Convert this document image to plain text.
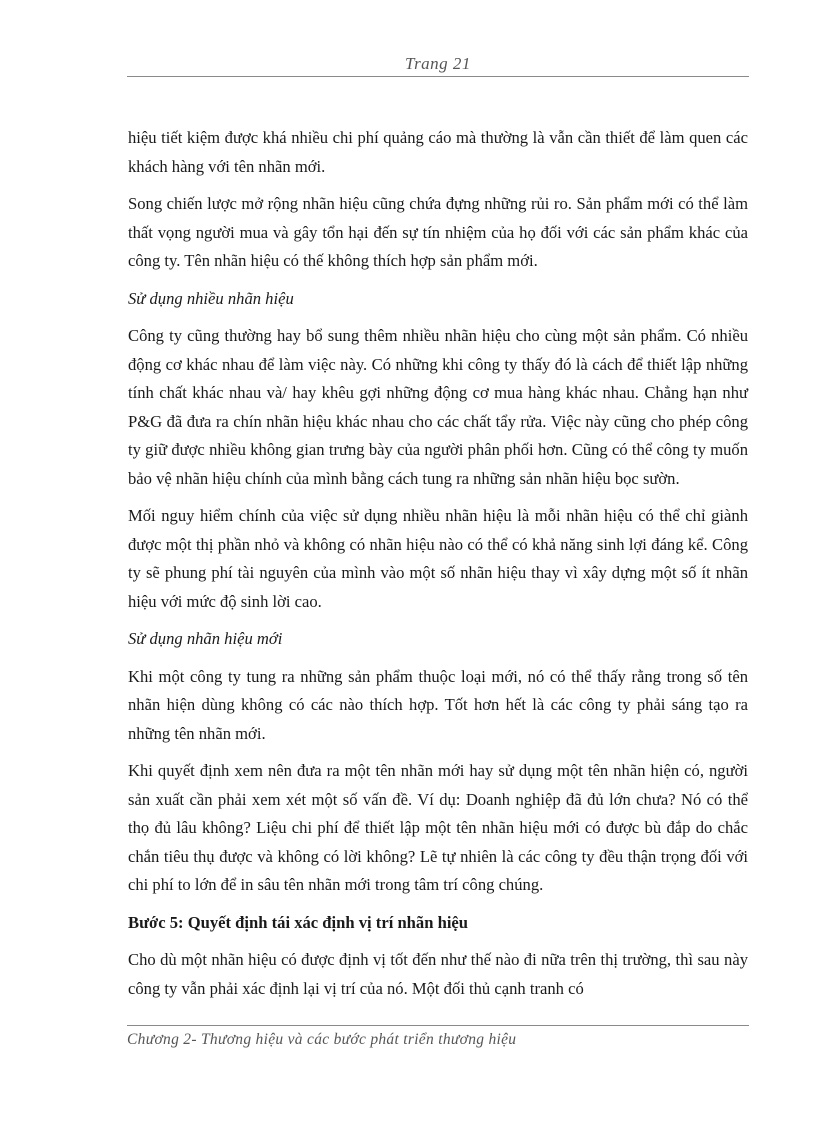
Trang 21

hiệu tiết kiệm được khá nhiều chi phí quảng cáo mà thường là vẫn cần thiết để làm quen các khách hàng với tên nhãn mới.

Song chiến lược mở rộng nhãn hiệu cũng chứa đựng những rủi ro. Sản phẩm mới có thể làm thất vọng người mua và gây tổn hại đến sự tín nhiệm của họ đối với các sản phẩm khác của công ty. Tên nhãn hiệu có thế không thích hợp sản phẩm mới.

Sử dụng nhiều nhãn hiệu

Công ty cũng thường hay bổ sung thêm nhiều nhãn hiệu cho cùng một sản phẩm. Có nhiều động cơ khác nhau để làm việc này. Có những khi công ty thấy đó là cách để thiết lập những tính chất khác nhau và/ hay khêu gợi những động cơ mua hàng khác nhau. Chẳng hạn như P&G đã đưa ra chín nhãn hiệu khác nhau cho các chất tẩy rửa. Việc này cũng cho phép công ty giữ được nhiều không gian trưng bày của người phân phối hơn. Cũng có thể công ty muốn bảo vệ nhãn hiệu chính của mình bằng cách tung ra những sản nhãn hiệu bọc sườn.

Mối nguy hiểm chính của việc sử dụng nhiều nhãn hiệu là mỗi nhãn hiệu có thể chỉ giành được một thị phần nhỏ và không có nhãn hiệu nào có thể có khả năng sinh lợi đáng kể. Công ty sẽ phung phí tài nguyên của mình vào một số nhãn hiệu thay vì xây dựng một số ít nhãn hiệu với mức độ sinh lời cao.

Sử dụng nhãn hiệu mới

Khi một công ty tung ra những sản phẩm thuộc loại mới, nó có thể thấy rằng trong số tên nhãn hiện dùng không có các nào thích hợp. Tốt hơn hết là các công ty phải sáng tạo ra những tên nhãn mới.

Khi quyết định xem nên đưa ra một tên nhãn mới hay sử dụng một tên nhãn hiện có, người sản xuất cần phải xem xét một số vấn đề. Ví dụ: Doanh nghiệp đã đủ lớn chưa? Nó có thể thọ đủ lâu không? Liệu chi phí để thiết lập một tên nhãn hiệu mới có được bù đắp do chắc chắn tiêu thụ được và không có lời không? Lẽ tự nhiên là các công ty đều thận trọng đối với chi phí to lớn để in sâu tên nhãn mới trong tâm trí công chúng.

Bước 5: Quyết định tái xác định vị trí nhãn hiệu

Cho dù một nhãn hiệu có được định vị tốt đến như thế nào đi nữa trên thị trường, thì sau này công ty vẫn phải xác định lại vị trí của nó. Một đối thủ cạnh tranh có

Chương 2- Thương hiệu và các bước phát triển thương hiệu
